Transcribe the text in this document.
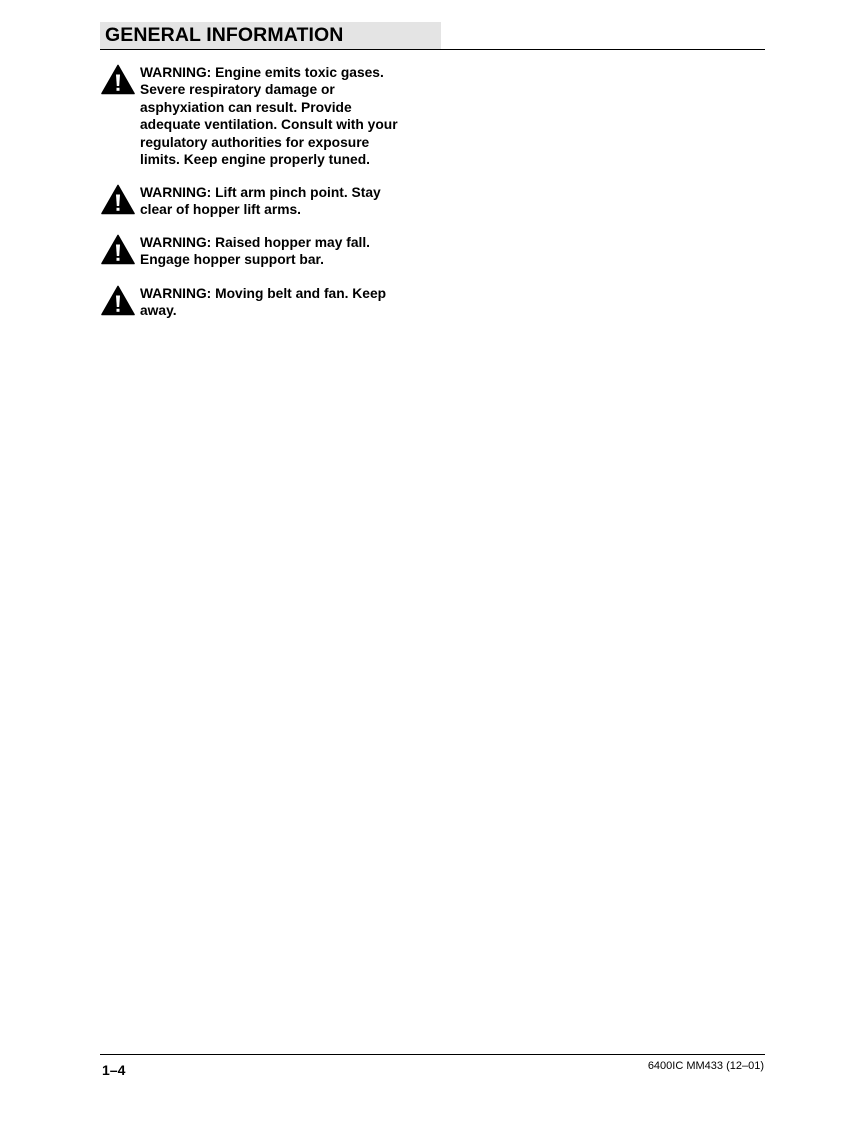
GENERAL INFORMATION
WARNING: Engine emits toxic gases.
Severe respiratory damage or
asphyxiation can result. Provide
adequate ventilation. Consult with your
regulatory authorities for exposure
limits. Keep engine properly tuned.
WARNING: Lift arm pinch point. Stay
clear of hopper lift arms.
WARNING: Raised hopper may fall.
Engage hopper support bar.
WARNING: Moving belt and fan. Keep
away.
1–4	6400IC MM433 (12–01)
